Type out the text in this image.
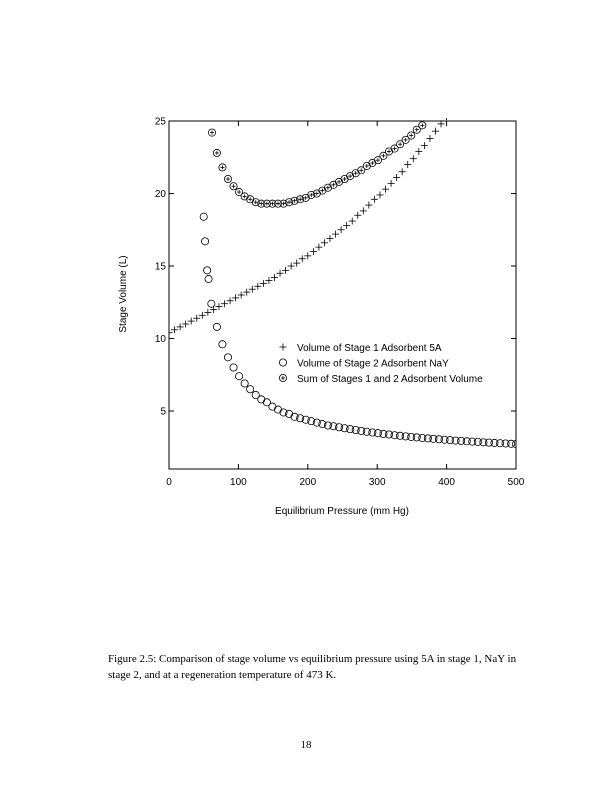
0	100	200	300	400	500
5
10
15
20
25
Equilibrium Pressure (mm Hg)
Stage Volume (L)
Volume of Stage 1 Adsorbent 5A
Volume of Stage 2 Adsorbent NaY
Sum of Stages 1 and 2 Adsorbent Volume
Figure 2.5: Comparison of stage volume vs equilibrium pressure using 5A in stage 1, NaY in stage 2, and at a regeneration temperature of 473 K.
18
